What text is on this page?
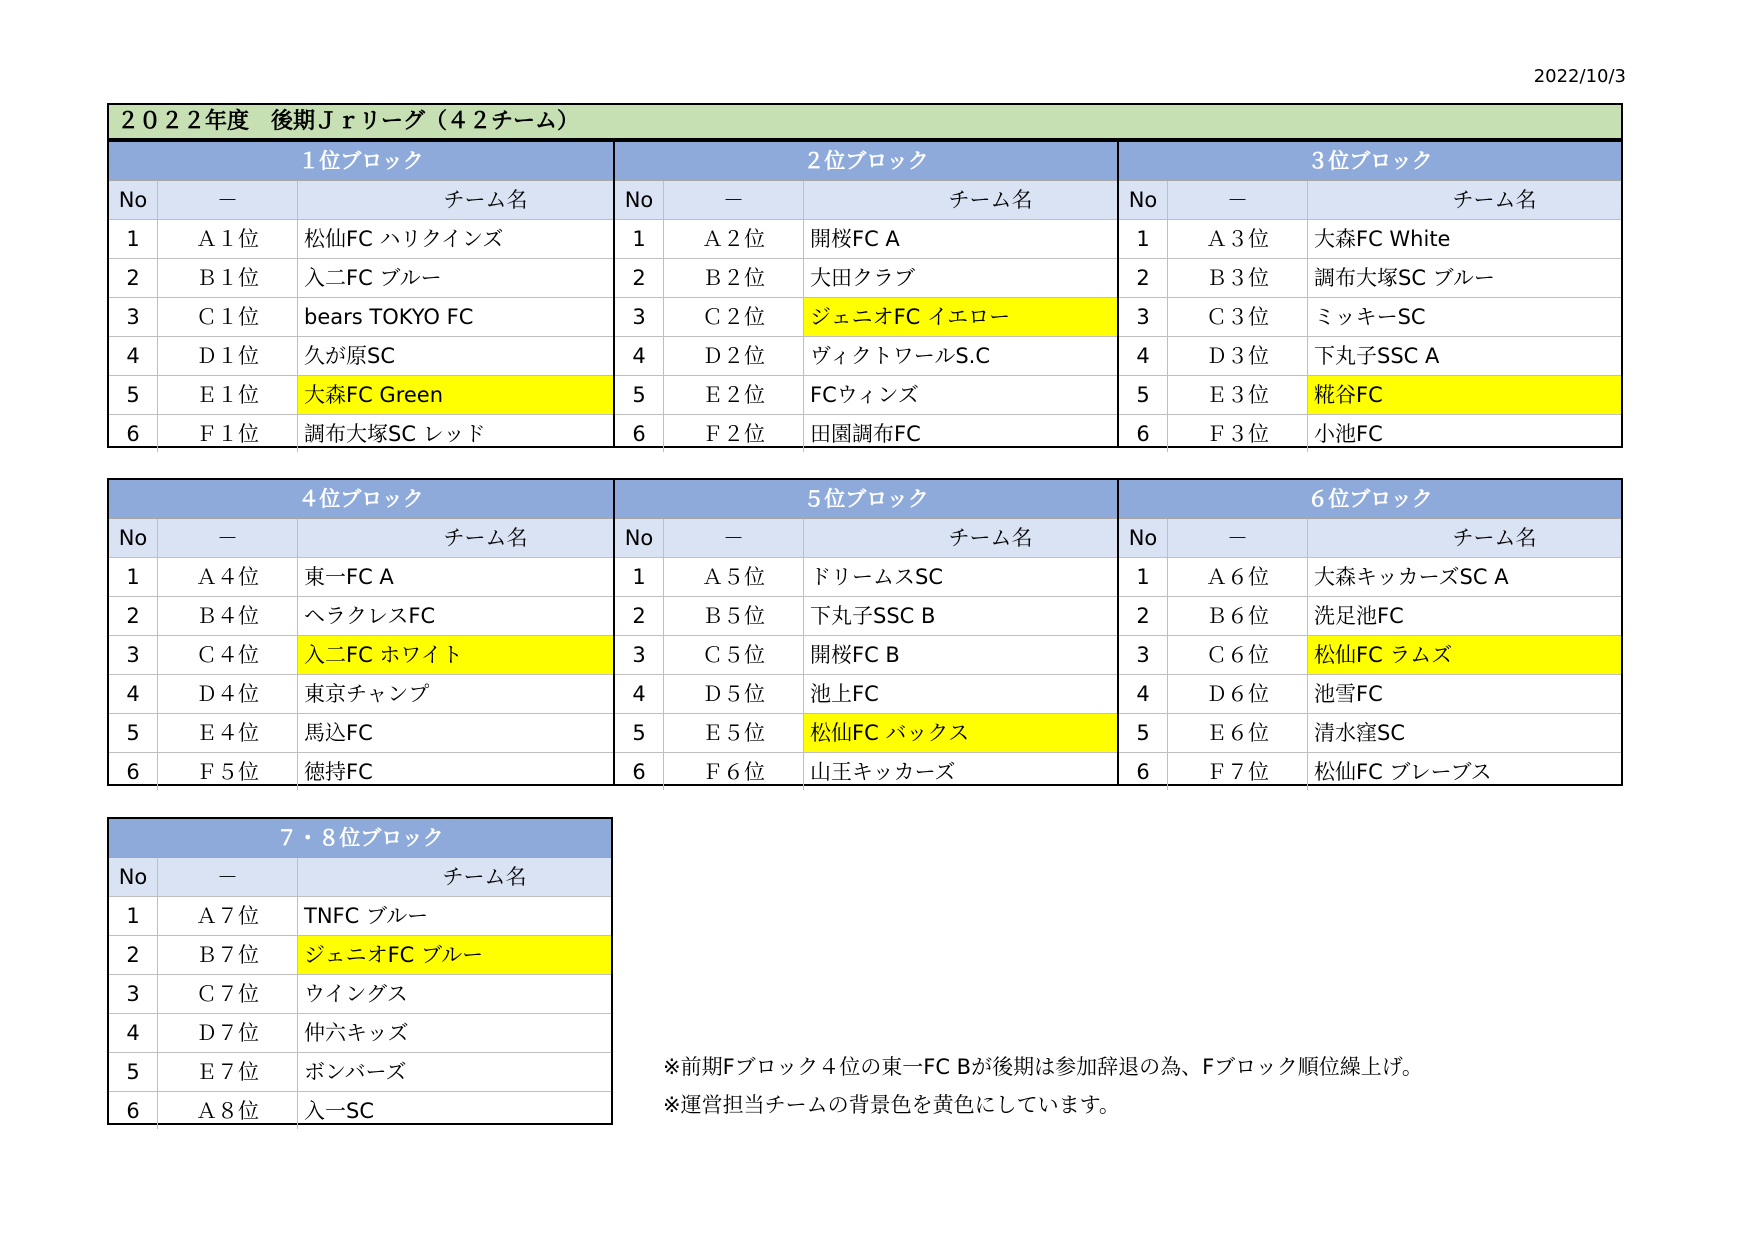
2022/10/3
２０２２年度　後期Ｊｒリーグ（４２チーム）
１位ブロック
No	－	チーム名
1	Ａ１位	松仙FC ハリクインズ
2	Ｂ１位	入二FC ブルー
3	Ｃ１位	bears TOKYO FC
4	Ｄ１位	久が原SC
5	Ｅ１位	大森FC Green
6	Ｆ１位	調布大塚SC レッド
２位ブロック
No	－	チーム名
1	Ａ２位	開桜FC A
2	Ｂ２位	大田クラブ
3	Ｃ２位	ジェニオFC イエロー
4	Ｄ２位	ヴィクトワールS.C
5	Ｅ２位	FCウィンズ
6	Ｆ２位	田園調布FC
３位ブロック
No	－	チーム名
1	Ａ３位	大森FC White
2	Ｂ３位	調布大塚SC ブルー
3	Ｃ３位	ミッキーSC
4	Ｄ３位	下丸子SSC A
5	Ｅ３位	糀谷FC
6	Ｆ３位	小池FC
４位ブロック
No	－	チーム名
1	Ａ４位	東一FC A
2	Ｂ４位	ヘラクレスFC
3	Ｃ４位	入二FC ホワイト
4	Ｄ４位	東京チャンプ
5	Ｅ４位	馬込FC
6	Ｆ５位	徳持FC
５位ブロック
No	－	チーム名
1	Ａ５位	ドリームスSC
2	Ｂ５位	下丸子SSC B
3	Ｃ５位	開桜FC B
4	Ｄ５位	池上FC
5	Ｅ５位	松仙FC バックス
6	Ｆ６位	山王キッカーズ
６位ブロック
No	－	チーム名
1	Ａ６位	大森キッカーズSC A
2	Ｂ６位	洗足池FC
3	Ｃ６位	松仙FC ラムズ
4	Ｄ６位	池雪FC
5	Ｅ６位	清水窪SC
6	Ｆ７位	松仙FC ブレーブス
７・８位ブロック
No	－	チーム名
1	Ａ７位	TNFC ブルー
2	Ｂ７位	ジェニオFC ブルー
3	Ｃ７位	ウイングス
4	Ｄ７位	仲六キッズ
5	Ｅ７位	ボンバーズ
6	Ａ８位	入一SC
※前期Fブロック４位の東一FC Bが後期は参加辞退の為、Fブロック順位繰上げ。
※運営担当チームの背景色を黄色にしています。
